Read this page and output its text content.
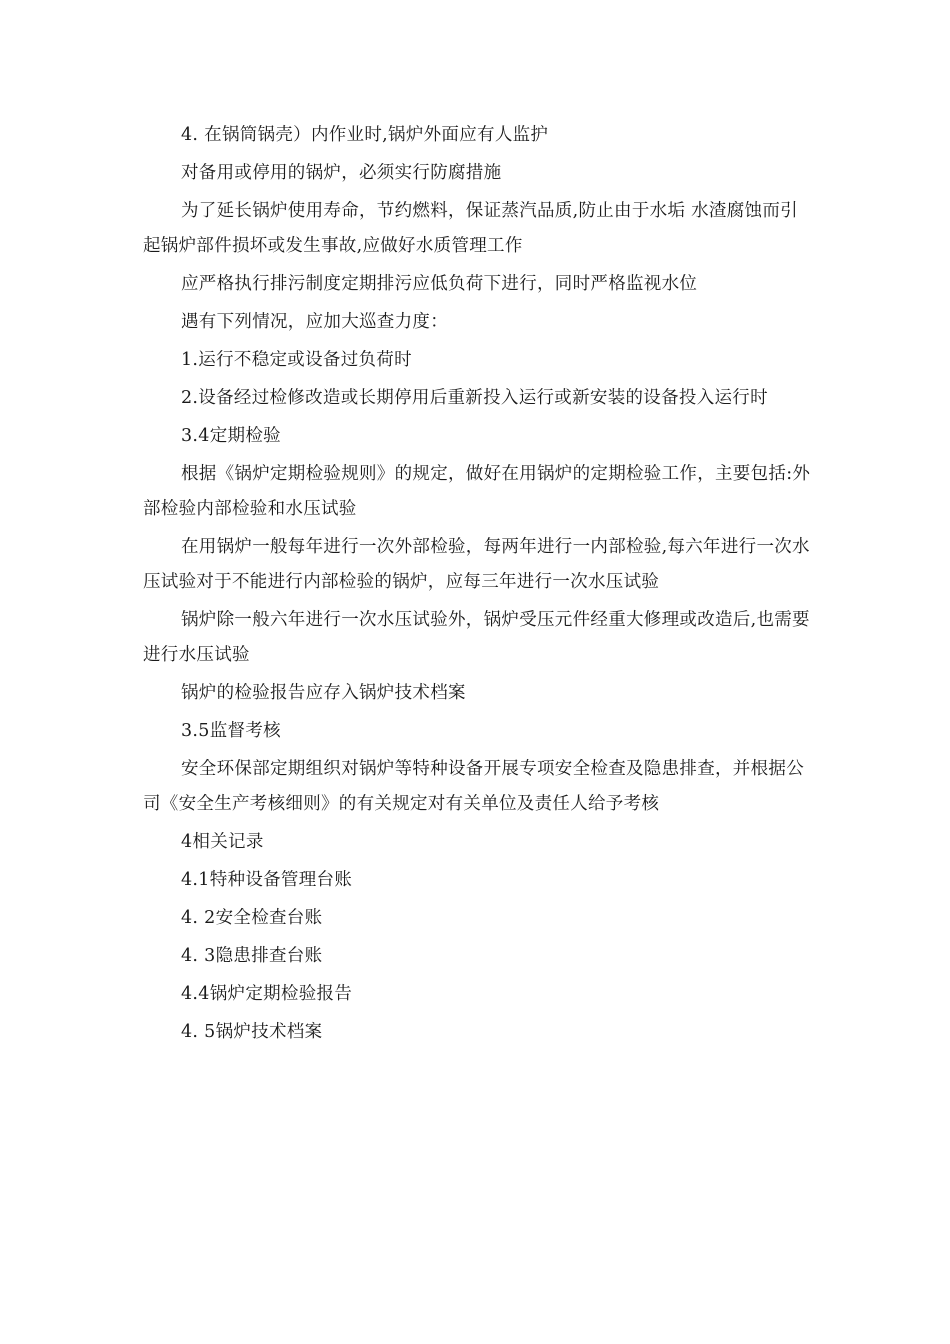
4. 在锅筒锅壳）内作业时,锅炉外面应有人监护

对备用或停用的锅炉，必须实行防腐措施

为了延长锅炉使用寿命，节约燃料，保证蒸汽品质,防止由于水垢 水渣腐蚀而引起锅炉部件损坏或发生事故,应做好水质管理工作

应严格执行排污制度定期排污应低负荷下进行，同时严格监视水位

遇有下列情况，应加大巡查力度：

1.运行不稳定或设备过负荷时

2.设备经过检修改造或长期停用后重新投入运行或新安装的设备投入运行时

3.4定期检验

根据《锅炉定期检验规则》的规定，做好在用锅炉的定期检验工作，主要包括:外部检验内部检验和水压试验

在用锅炉一般每年进行一次外部检验，每两年进行一内部检验,每六年进行一次水压试验对于不能进行内部检验的锅炉，应每三年进行一次水压试验

锅炉除一般六年进行一次水压试验外，锅炉受压元件经重大修理或改造后,也需要进行水压试验

锅炉的检验报告应存入锅炉技术档案

3.5监督考核

安全环保部定期组织对锅炉等特种设备开展专项安全检查及隐患排查，并根据公司《安全生产考核细则》的有关规定对有关单位及责任人给予考核

4相关记录

4.1特种设备管理台账

4. 2安全检查台账

4. 3隐患排查台账

4.4锅炉定期检验报告

4. 5锅炉技术档案
